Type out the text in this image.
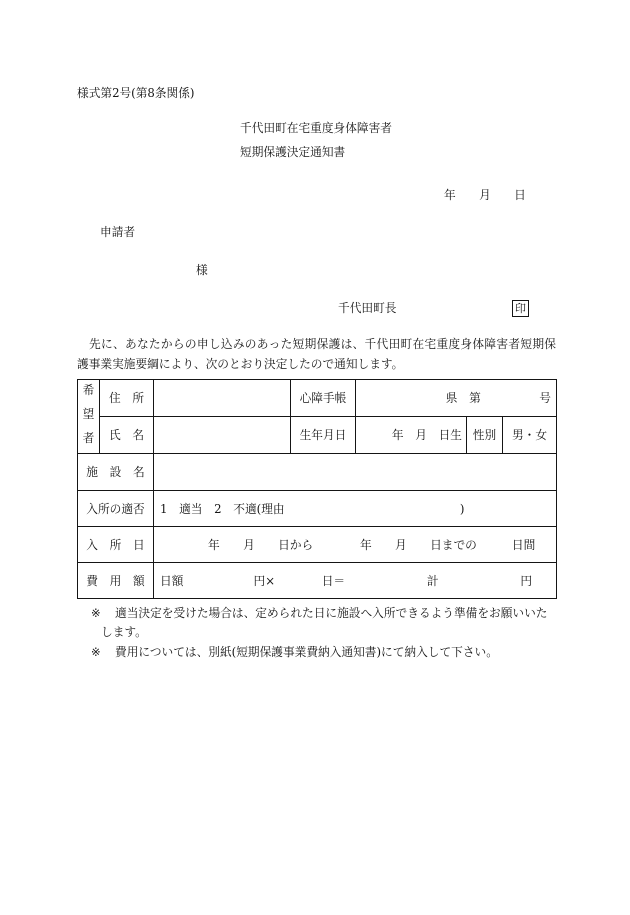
様式第2号(第8条関係)
千代田町在宅重度身体障害者
短期保護決定通知書
年　　月　　日
申請者
様
千代田町長	印
先に、あなたからの申し込みのあった短期保護は、千代田町在宅重度身体障害者短期保
護事業実施要綱により、次のとおり決定したので通知します。
希望者	住　所		心障手帳	県　第　　　　　号		
	氏　名		生年月日	年　月　日生	性別	男・女
施　設　名						
入所の適否		1　適当　2　不適(理由　　　　　　　　　　　　　　　)				
入　所　日		年　　月　　日から　　　　年　　月　　日までの　　　日間				
費　用　額		日額　　　　　　円×　　　　日＝　　　　　　　計　　　　　　　円				
※ 適当決定を受けた場合は、定められた日に施設へ入所できるよう準備をお願いいた
します。
※ 費用については、別紙(短期保護事業費納入通知書)にて納入して下さい。
